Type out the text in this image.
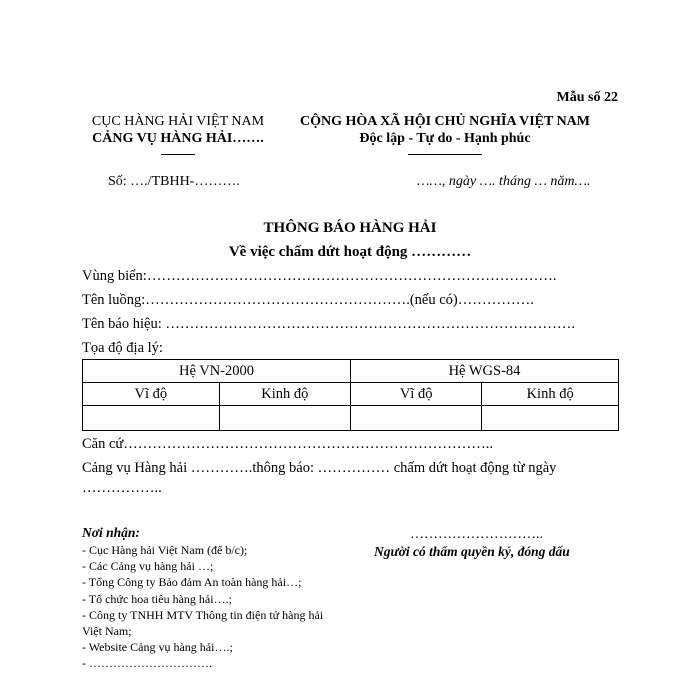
Mẫu số 22
CỤC HÀNG HẢI VIỆT NAM
CẢNG VỤ HÀNG HẢI…….
CỘNG HÒA XÃ HỘI CHỦ NGHĨA VIỆT NAM
Độc lập - Tự do - Hạnh phúc
Số: …./TBHH-……….	……, ngày …. tháng … năm….
THÔNG BÁO HÀNG HẢI
Về việc chấm dứt hoạt động …………
Vùng biển:………………………………………………………………………….
Tên luồng:……………………………………………….(nếu có)…………….
Tên báo hiệu: ………………………………………………………………………….
Tọa độ địa lý:
Hệ VN-2000		Hệ WGS-84	
Vĩ độ	Kinh độ	Vĩ độ	Kinh độ

Căn cứ…………………………………………………………………..
Cảng vụ Hàng hải ………….thông báo: …………… chấm dứt hoạt động từ ngày
……………..
Nơi nhận:
- Cục Hàng hải Việt Nam (để b/c);
- Các Cảng vụ hàng hải …;
- Tổng Công ty Bảo đảm An toàn hàng hải…;
- Tổ chức hoa tiêu hàng hải….;
- Công ty TNHH MTV Thông tin điện tử hàng hải
Việt Nam;
- Website Cảng vụ hàng hải….;
- ………………………….
………………………..
Người có thẩm quyền ký, đóng dấu
